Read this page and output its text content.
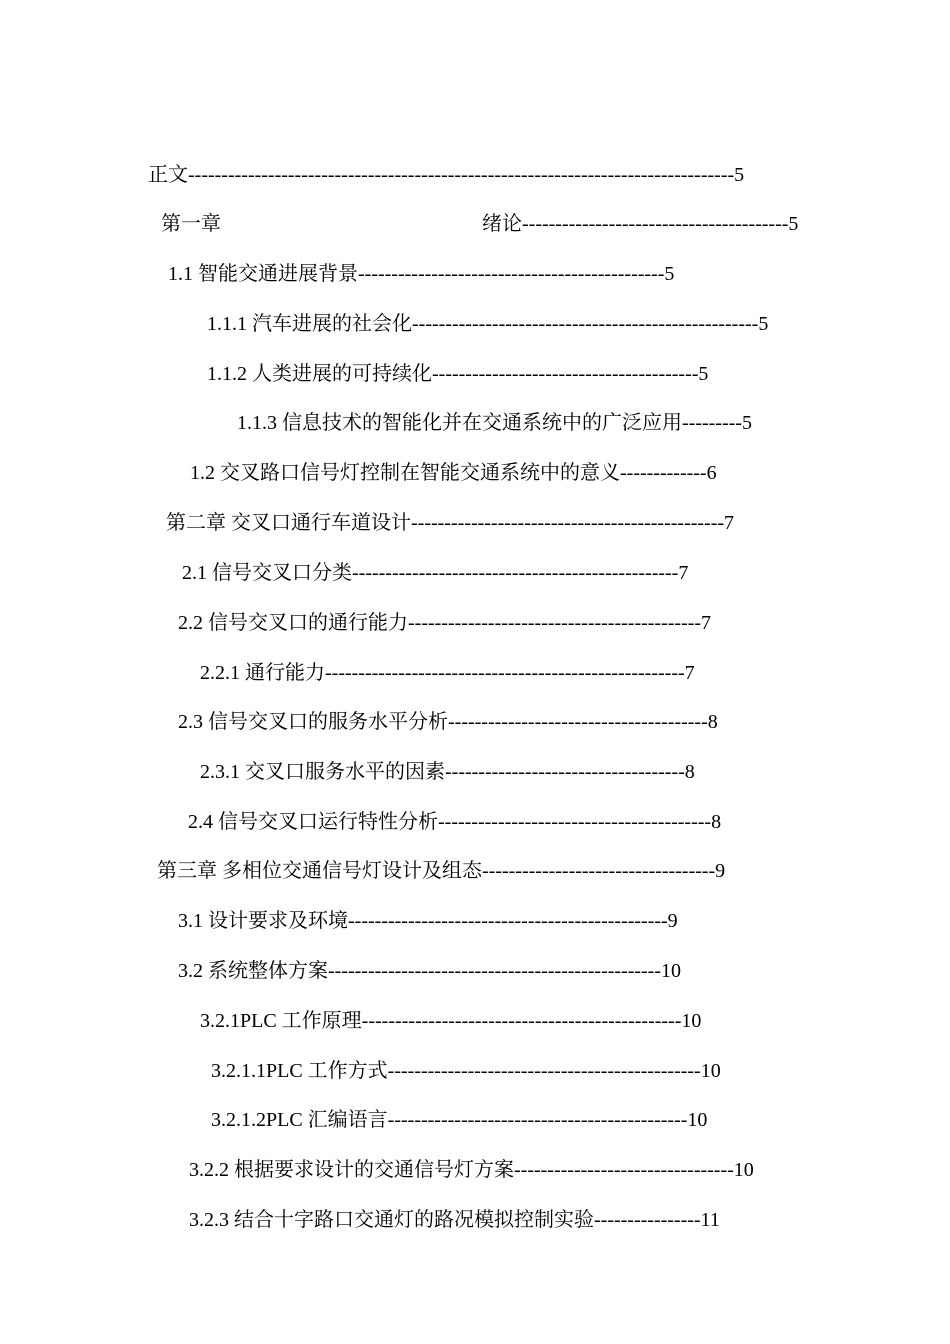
正文----------------------------------------------------------------------------------5

第一章
	绪论----------------------------------------5

1.1 智能交通进展背景----------------------------------------------5

1.1.1 汽车进展的社会化----------------------------------------------------5

1.1.2 人类进展的可持续化----------------------------------------5

1.1.3 信息技术的智能化并在交通系统中的广泛应用---------5

1.2 交叉路口信号灯控制在智能交通系统中的意义-------------6

第二章 交叉口通行车道设计-----------------------------------------------7

2.1 信号交叉口分类-------------------------------------------------7

2.2 信号交叉口的通行能力--------------------------------------------7

2.2.1 通行能力------------------------------------------------------7

2.3 信号交叉口的服务水平分析---------------------------------------8

2.3.1 交叉口服务水平的因素------------------------------------8

2.4 信号交叉口运行特性分析-----------------------------------------8

第三章 多相位交通信号灯设计及组态-----------------------------------9

3.1 设计要求及环境------------------------------------------------9

3.2 系统整体方案--------------------------------------------------10

3.2.1PLC 工作原理------------------------------------------------10

3.2.1.1PLC 工作方式-----------------------------------------------10

3.2.1.2PLC 汇编语言---------------------------------------------10

3.2.2 根据要求设计的交通信号灯方案---------------------------------10

3.2.3 结合十字路口交通灯的路况模拟控制实验----------------11
